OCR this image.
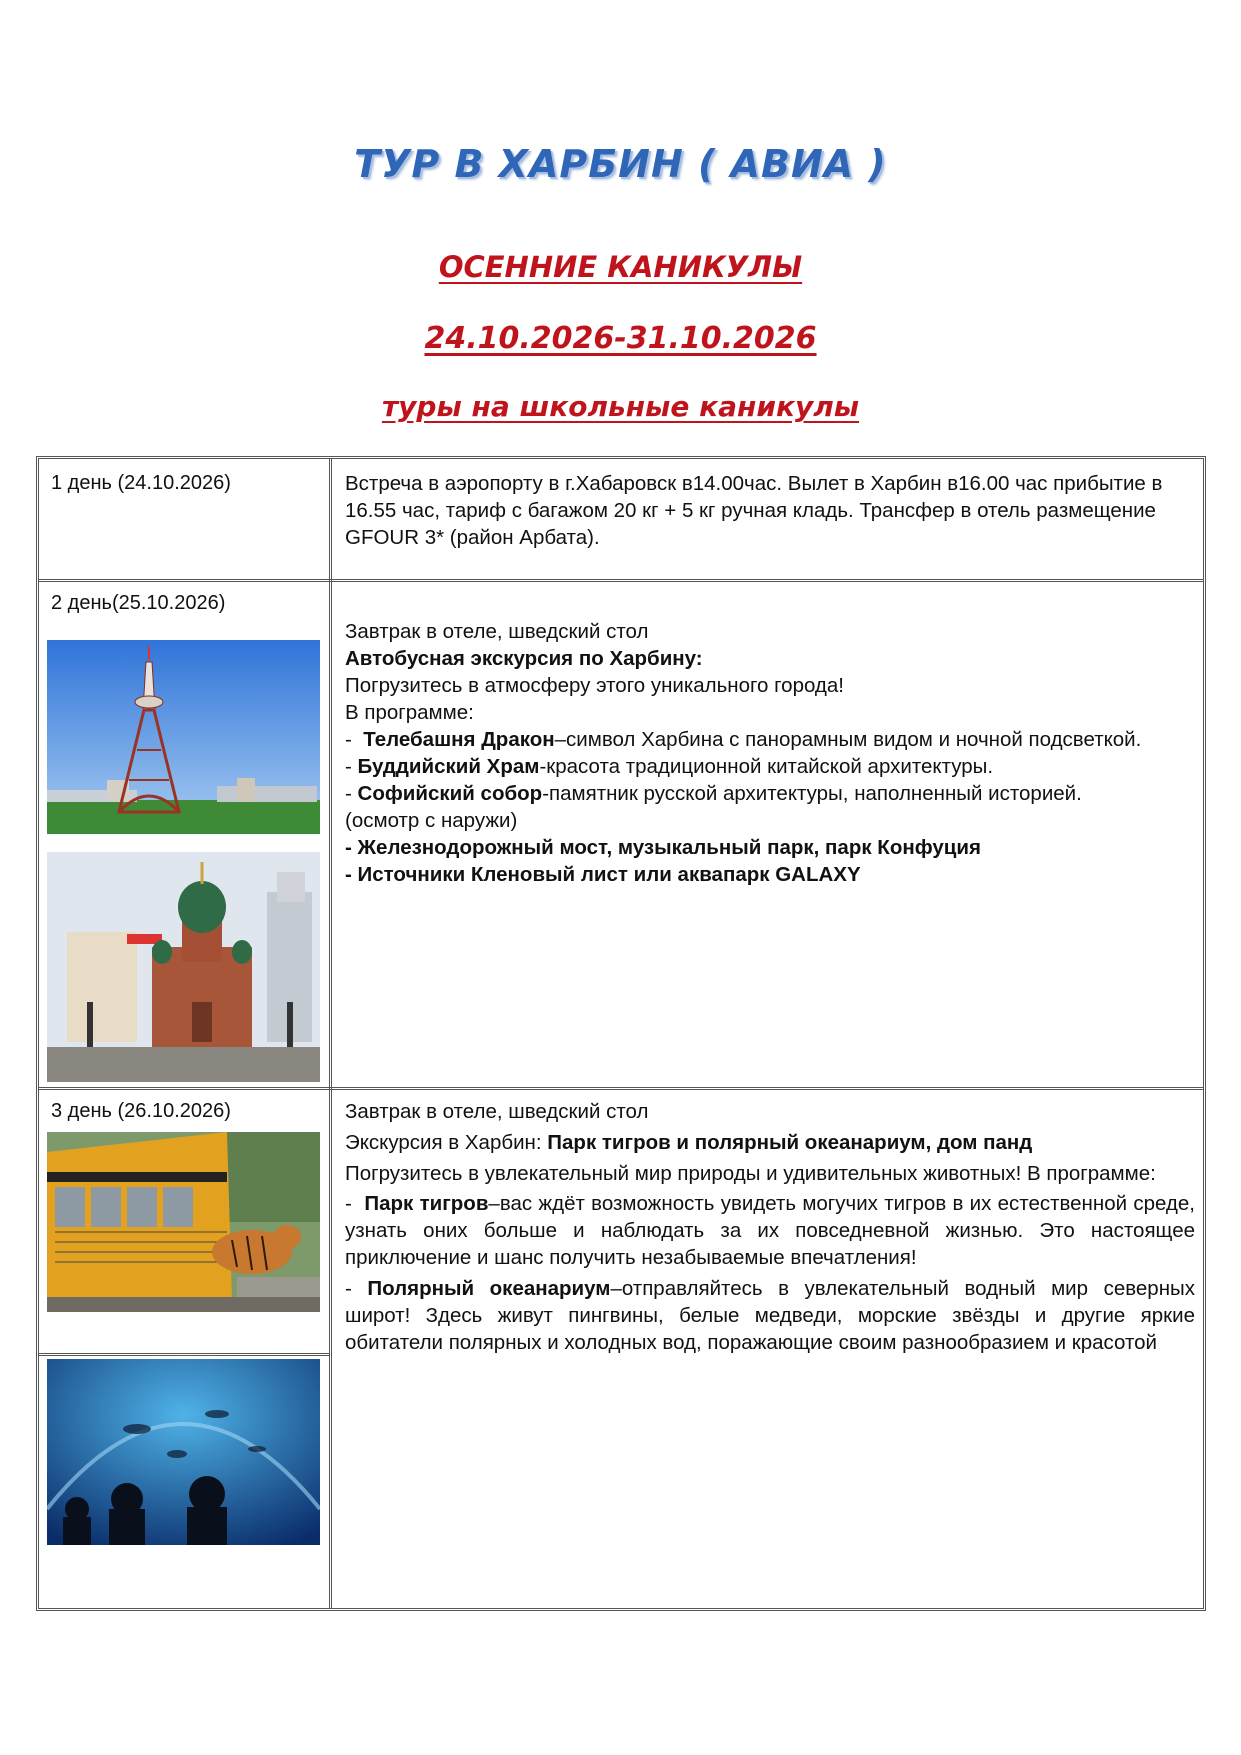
ТУР В ХАРБИН ( АВИА )
ОСЕННИЕ КАНИКУЛЫ
24.10.2026-31.10.2026
туры на школьные каникулы
1 день (24.10.2026)	Встреча в аэропорту в г.Хабаровск в14.00час. Вылет в Харбин в16.00 час прибытие в 16.55 час, тариф с багажом 20 кг + 5 кг ручная кладь. Трансфер в отель размещение GFOUR 3* (район Арбата).

2 день(25.10.2026)

Завтрак в отеле, шведский стол

Автобусная экскурсия по Харбину:

Погрузитесь в атмосферу этого уникального города!

В программе:

-  Телебашня Дракон–символ Харбина с панорамным видом и ночной подсветкой.

- Буддийский Храм-красота традиционной китайской архитектуры.

- Софийский собор-памятник русской архитектуры, наполненный историей.

(осмотр с наружи)

- Железнодорожный мост, музыкальный парк, парк Конфуция

- Источники Кленовый лист или аквапарк GALAXY

3 день (26.10.2026)	Завтрак в отеле, шведский стол

Экскурсия в Харбин: Парк тигров и полярный океанариум, дом панд

Погрузитесь в увлекательный мир природы и удивительных животных! В программе:

-  Парк тигров–вас ждёт возможность увидеть могучих тигров в их естественной среде, узнать оних больше и наблюдать за их повседневной жизнью. Это настоящее приключение и шанс получить незабываемые впечатления!

- Полярный океанариум–отправляйтесь в увлекательный водный мир северных широт! Здесь живут пингвины, белые медведи, морские звёзды и другие яркие обитатели полярных и холодных вод, поражающие своим разнообразием и красотой
